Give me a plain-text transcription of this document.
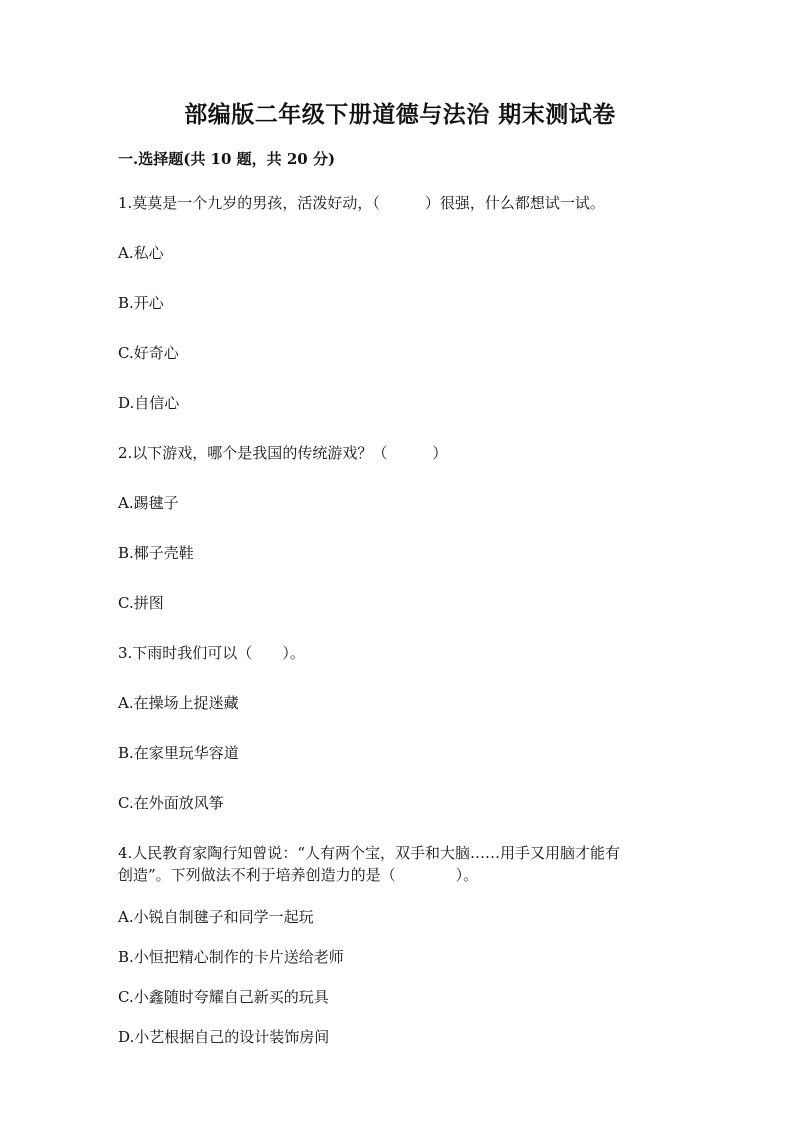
部编版二年级下册道德与法治 期末测试卷
一.选择题(共 10 题，共 20 分)
1.莫莫是一个九岁的男孩，活泼好动，（　　　）很强，什么都想试一试。
A.私心
B.开心
C.好奇心
D.自信心
2.以下游戏，哪个是我国的传统游戏？（　　　）
A.踢毽子
B.椰子壳鞋
C.拼图
3.下雨时我们可以（　　）。
A.在操场上捉迷藏
B.在家里玩华容道
C.在外面放风筝
4.人民教育家陶行知曾说：“人有两个宝，双手和大脑……用手又用脑才能有
创造”。下列做法不利于培养创造力的是（　　　　）。
A.小锐自制毽子和同学一起玩
B.小恒把精心制作的卡片送给老师
C.小鑫随时夸耀自己新买的玩具
D.小艺根据自己的设计装饰房间
